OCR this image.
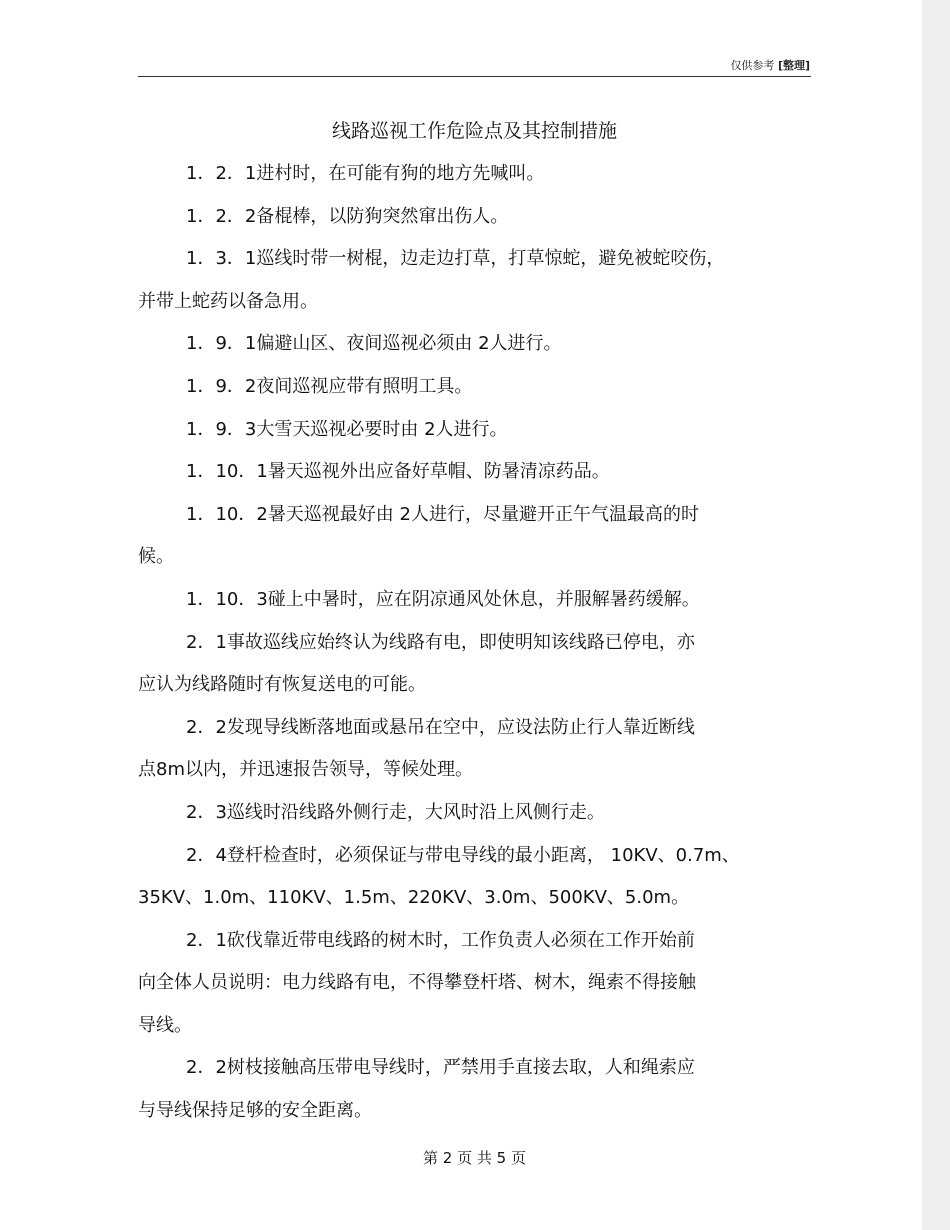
仅供参考 [整理]
线路巡视工作危险点及其控制措施
1．2．1进村时，在可能有狗的地方先喊叫。
1．2．2备棍棒，以防狗突然窜出伤人。
1．3．1巡线时带一树棍，边走边打草，打草惊蛇，避免被蛇咬伤，
并带上蛇药以备急用。
1．9．1偏避山区、夜间巡视必须由 2人进行。
1．9．2夜间巡视应带有照明工具。
1．9．3大雪天巡视必要时由 2人进行。
1．10．1暑天巡视外出应备好草帽、防暑清凉药品。
1．10．2暑天巡视最好由 2人进行，尽量避开正午气温最高的时
候。
1．10．3碰上中暑时，应在阴凉通风处休息，并服解暑药缓解。
2．1事故巡线应始终认为线路有电，即使明知该线路已停电，亦
应认为线路随时有恢复送电的可能。
2．2发现导线断落地面或悬吊在空中，应设法防止行人靠近断线
点8m以内，并迅速报告领导，等候处理。
2．3巡线时沿线路外侧行走，大风时沿上风侧行走。
2．4登杆检查时，必须保证与带电导线的最小距离， 10KV、0.7m、
35KV、1.0m、110KV、1.5m、220KV、3.0m、500KV、5.0m。
2．1砍伐靠近带电线路的树木时，工作负责人必须在工作开始前
向全体人员说明：电力线路有电，不得攀登杆塔、树木，绳索不得接触
导线。
2．2树枝接触高压带电导线时，严禁用手直接去取，人和绳索应
与导线保持足够的安全距离。
第 2 页 共 5 页
